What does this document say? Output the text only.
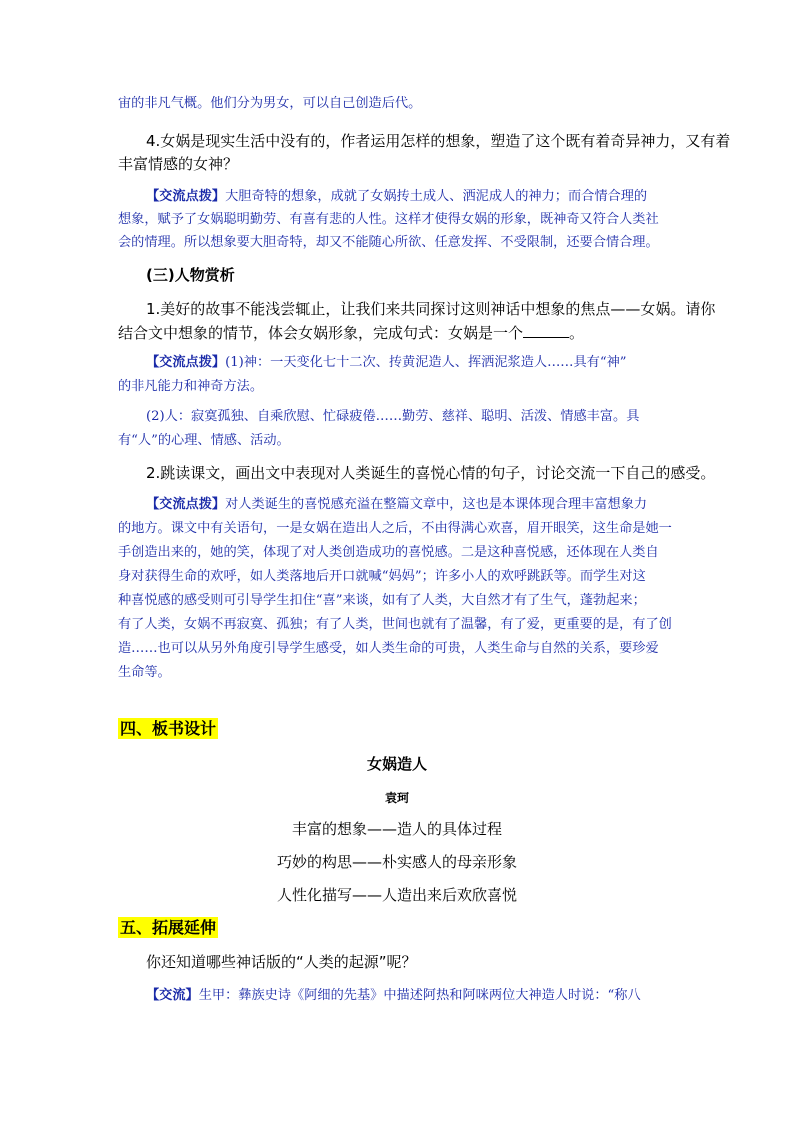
宙的非凡气概。他们分为男女，可以自己创造后代。
4.女娲是现实生活中没有的，作者运用怎样的想象，塑造了这个既有着奇异神力，又有着
丰富情感的女神？
【交流点拨】大胆奇特的想象，成就了女娲抟土成人、洒泥成人的神力；而合情合理的
想象，赋予了女娲聪明勤劳、有喜有悲的人性。这样才使得女娲的形象，既神奇又符合人类社
会的情理。所以想象要大胆奇特，却又不能随心所欲、任意发挥、不受限制，还要合情合理。
(三)人物赏析
1.美好的故事不能浅尝辄止，让我们来共同探讨这则神话中想象的焦点——女娲。请你
结合文中想象的情节，体会女娲形象，完成句式：女娲是一个	。
【交流点拨】(1)神：一天变化七十二次、抟黄泥造人、挥洒泥浆造人……具有“神”
的非凡能力和神奇方法。
(2)人：寂寞孤独、自乘欣慰、忙碌疲倦……勤劳、慈祥、聪明、活泼、情感丰富。具
有“人”的心理、情感、活动。
2.跳读课文，画出文中表现对人类诞生的喜悦心情的句子，讨论交流一下自己的感受。
【交流点拨】对人类诞生的喜悦感充溢在整篇文章中，这也是本课体现合理丰富想象力
的地方。课文中有关语句，一是女娲在造出人之后，不由得满心欢喜，眉开眼笑，这生命是她一
手创造出来的，她的笑，体现了对人类创造成功的喜悦感。二是这种喜悦感，还体现在人类自
身对获得生命的欢呼，如人类落地后开口就喊“妈妈”；许多小人的欢呼跳跃等。而学生对这
种喜悦感的感受则可引导学生扣住“喜”来谈，如有了人类，大自然才有了生气，蓬勃起来；
有了人类，女娲不再寂寞、孤独；有了人类，世间也就有了温馨，有了爱，更重要的是，有了创
造……也可以从另外角度引导学生感受，如人类生命的可贵，人类生命与自然的关系，要珍爱
生命等。
四、板书设计
女娲造人
袁珂
丰富的想象——造人的具体过程
巧妙的构思——朴实感人的母亲形象
人性化描写——人造出来后欢欣喜悦
五、拓展延伸
你还知道哪些神话版的“人类的起源”呢？
【交流】生甲：彝族史诗《阿细的先基》中描述阿热和阿咪两位大神造人时说：“称八
